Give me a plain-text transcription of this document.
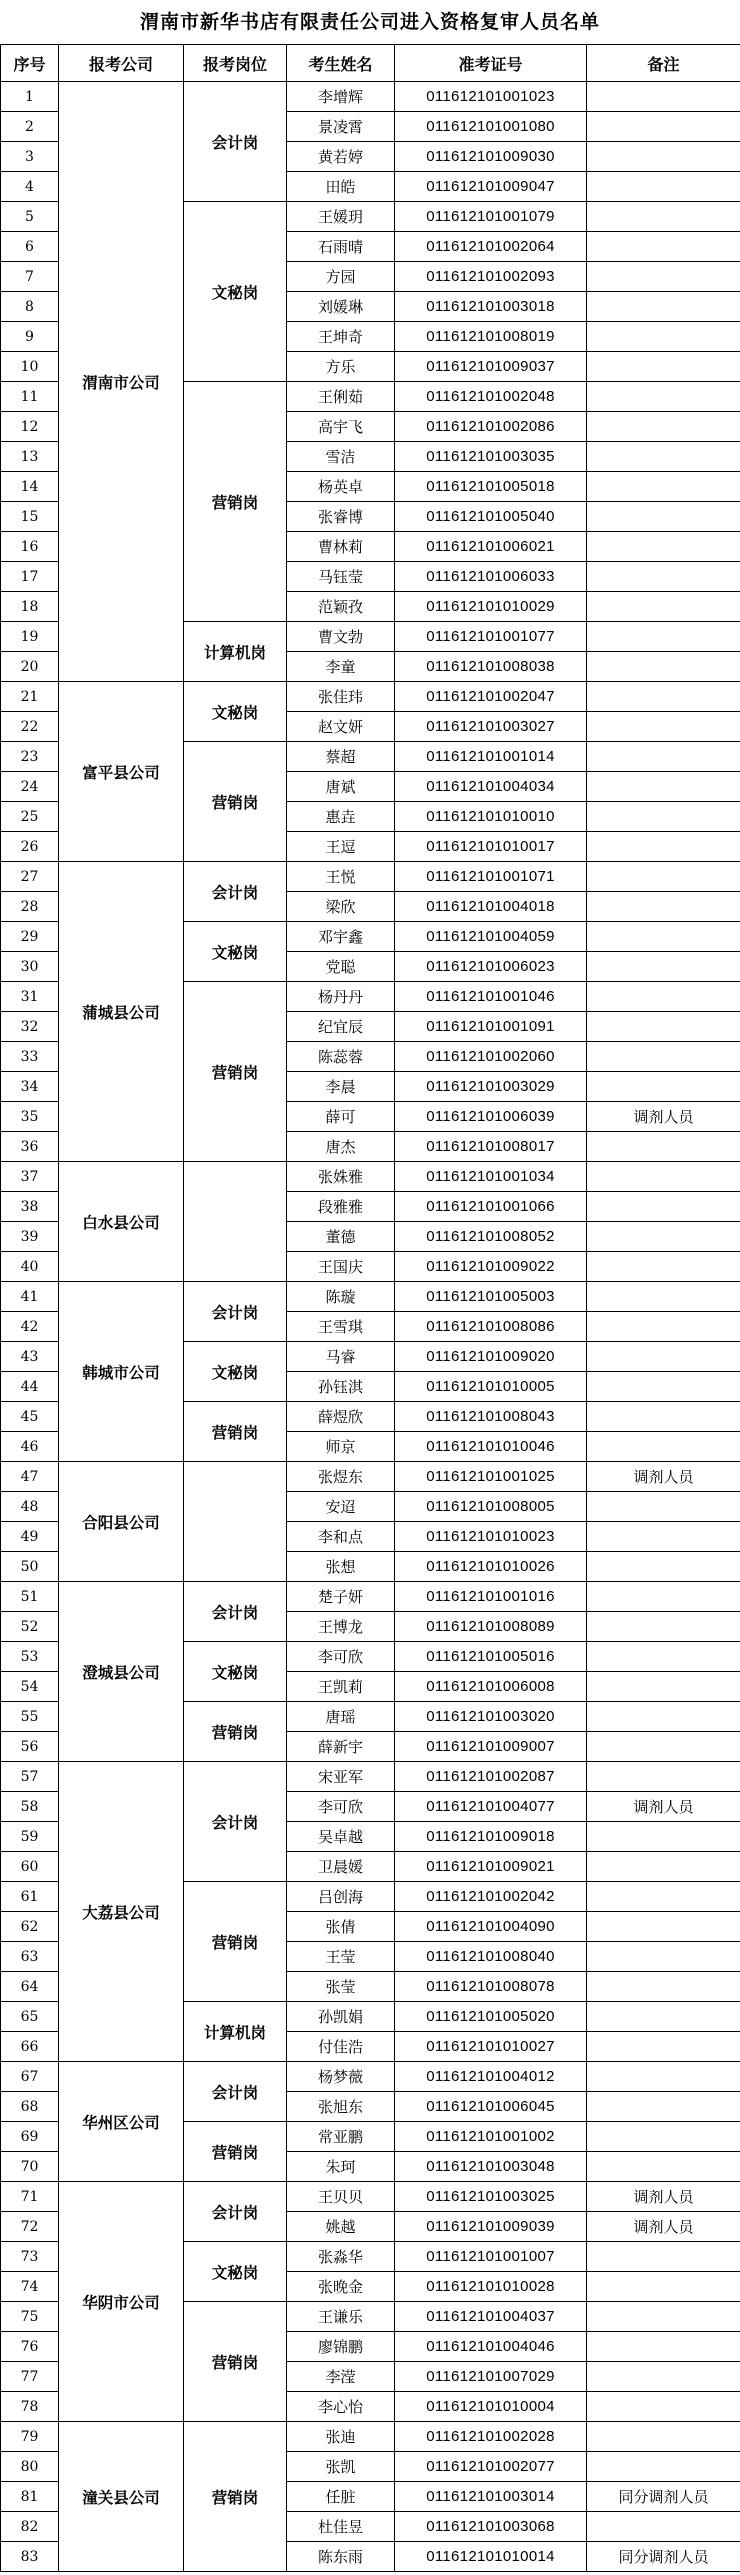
渭南市新华书店有限责任公司进入资格复审人员名单
序号	报考公司	报考岗位	考生姓名	准考证号	备注
1	渭南市公司	会计岗	李增辉	011612101001023	
2			景凌霄	011612101001080	
3			黄若婷	011612101009030	
4			田皓	011612101009047	
5		文秘岗	王媛玥	011612101001079	
6			石雨晴	011612101002064	
7			方园	011612101002093	
8			刘媛琳	011612101003018	
9			王坤奇	011612101008019	
10			方乐	011612101009037	
11		营销岗	王俐茹	011612101002048	
12			高宇飞	011612101002086	
13			雪洁	011612101003035	
14			杨英卓	011612101005018	
15			张睿博	011612101005040	
16			曹林莉	011612101006021	
17			马钰莹	011612101006033	
18			范颖孜	011612101010029	
19		计算机岗	曹文勃	011612101001077	
20			李童	011612101008038	
21	富平县公司	文秘岗	张佳玮	011612101002047	
22			赵文妍	011612101003027	
23		营销岗	蔡超	011612101001014	
24			唐斌	011612101004034	
25			惠垚	011612101010010	
26			王逗	011612101010017	
27	蒲城县公司	会计岗	王悦	011612101001071	
28			梁欣	011612101004018	
29		文秘岗	邓宇鑫	011612101004059	
30			党聪	011612101006023	
31		营销岗	杨丹丹	011612101001046	
32			纪宜辰	011612101001091	
33			陈蕊蓉	011612101002060	
34			李晨	011612101003029	
35			薛可	011612101006039	调剂人员
36			唐杰	011612101008017	
37	白水县公司		张姝雅	011612101001034	
38			段雅雅	011612101001066	
39			董德	011612101008052	
40			王国庆	011612101009022	
41	韩城市公司	会计岗	陈璇	011612101005003	
42			王雪琪	011612101008086	
43		文秘岗	马睿	011612101009020	
44			孙钰淇	011612101010005	
45		营销岗	薛煜欣	011612101008043	
46			师京	011612101010046	
47	合阳县公司		张煜东	011612101001025	调剂人员
48			安迢	011612101008005	
49			李和点	011612101010023	
50			张想	011612101010026	
51	澄城县公司	会计岗	楚子妍	011612101001016	
52			王博龙	011612101008089	
53		文秘岗	李可欣	011612101005016	
54			王凯莉	011612101006008	
55		营销岗	唐瑶	011612101003020	
56			薛新宇	011612101009007	
57	大荔县公司	会计岗	宋亚军	011612101002087	
58			李可欣	011612101004077	调剂人员
59			吴卓越	011612101009018	
60			卫晨媛	011612101009021	
61		营销岗	吕创海	011612101002042	
62			张倩	011612101004090	
63			王莹	011612101008040	
64			张莹	011612101008078	
65		计算机岗	孙凯娟	011612101005020	
66			付佳浩	011612101010027	
67	华州区公司	会计岗	杨梦薇	011612101004012	
68			张旭东	011612101006045	
69		营销岗	常亚鹏	011612101001002	
70			朱珂	011612101003048	
71	华阴市公司	会计岗	王贝贝	011612101003025	调剂人员
72			姚越	011612101009039	调剂人员
73		文秘岗	张淼华	011612101001007	
74			张晚金	011612101010028	
75		营销岗	王谦乐	011612101004037	
76			廖锦鹏	011612101004046	
77			李滢	011612101007029	
78			李心怡	011612101010004	
79	潼关县公司	营销岗	张迪	011612101002028	
80			张凯	011612101002077	
81			任脏	011612101003014	同分调剂人员
82			杜佳昱	011612101003068	
83			陈东雨	011612101010014	同分调剂人员
